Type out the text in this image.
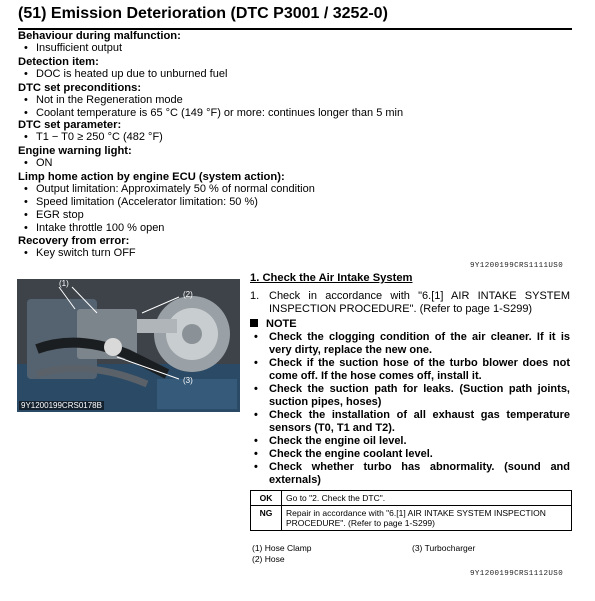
(51) Emission Deterioration (DTC P3001 / 3252-0)
Behaviour during malfunction:
• Insufficient output
Detection item:
• DOC is heated up due to unburned fuel
DTC set preconditions:
• Not in the Regeneration mode
• Coolant temperature is 65 °C (149 °F) or more: continues longer than 5 min
DTC set parameter:
• T1 − T0 ≥ 250 °C (482 °F)
Engine warning light:
• ON
Limp home action by engine ECU (system action):
• Output limitation: Approximately 50 % of normal condition
• Speed limitation (Accelerator limitation: 50 %)
• EGR stop
• Intake throttle 100 % open
Recovery from error:
• Key switch turn OFF
9Y1200199CRS1111US0
(1)
(2)
(3)
9Y1200199CRS0178B
1. Check the Air Intake System
1. Check in accordance with "6.[1] AIR INTAKE SYSTEM INSPECTION PROCEDURE". (Refer to page 1-S299)
NOTE
• Check the clogging condition of the air cleaner. If it is very dirty, replace the new one.
• Check if the suction hose of the turbo blower does not come off. If the hose comes off, install it.
• Check the suction path for leaks. (Suction path joints, suction pipes, hoses)
• Check the installation of all exhaust gas temperature sensors (T0, T1 and T2).
• Check the engine oil level.
• Check the engine coolant level.
• Check whether turbo has abnormality. (sound and externals)
OK	Go to "2. Check the DTC".
NG	Repair in accordance with "6.[1] AIR INTAKE SYSTEM INSPECTION PROCEDURE". (Refer to page 1-S299)
(1) Hose Clamp
(2) Hose
(3) Turbocharger
9Y1200199CRS1112US0
